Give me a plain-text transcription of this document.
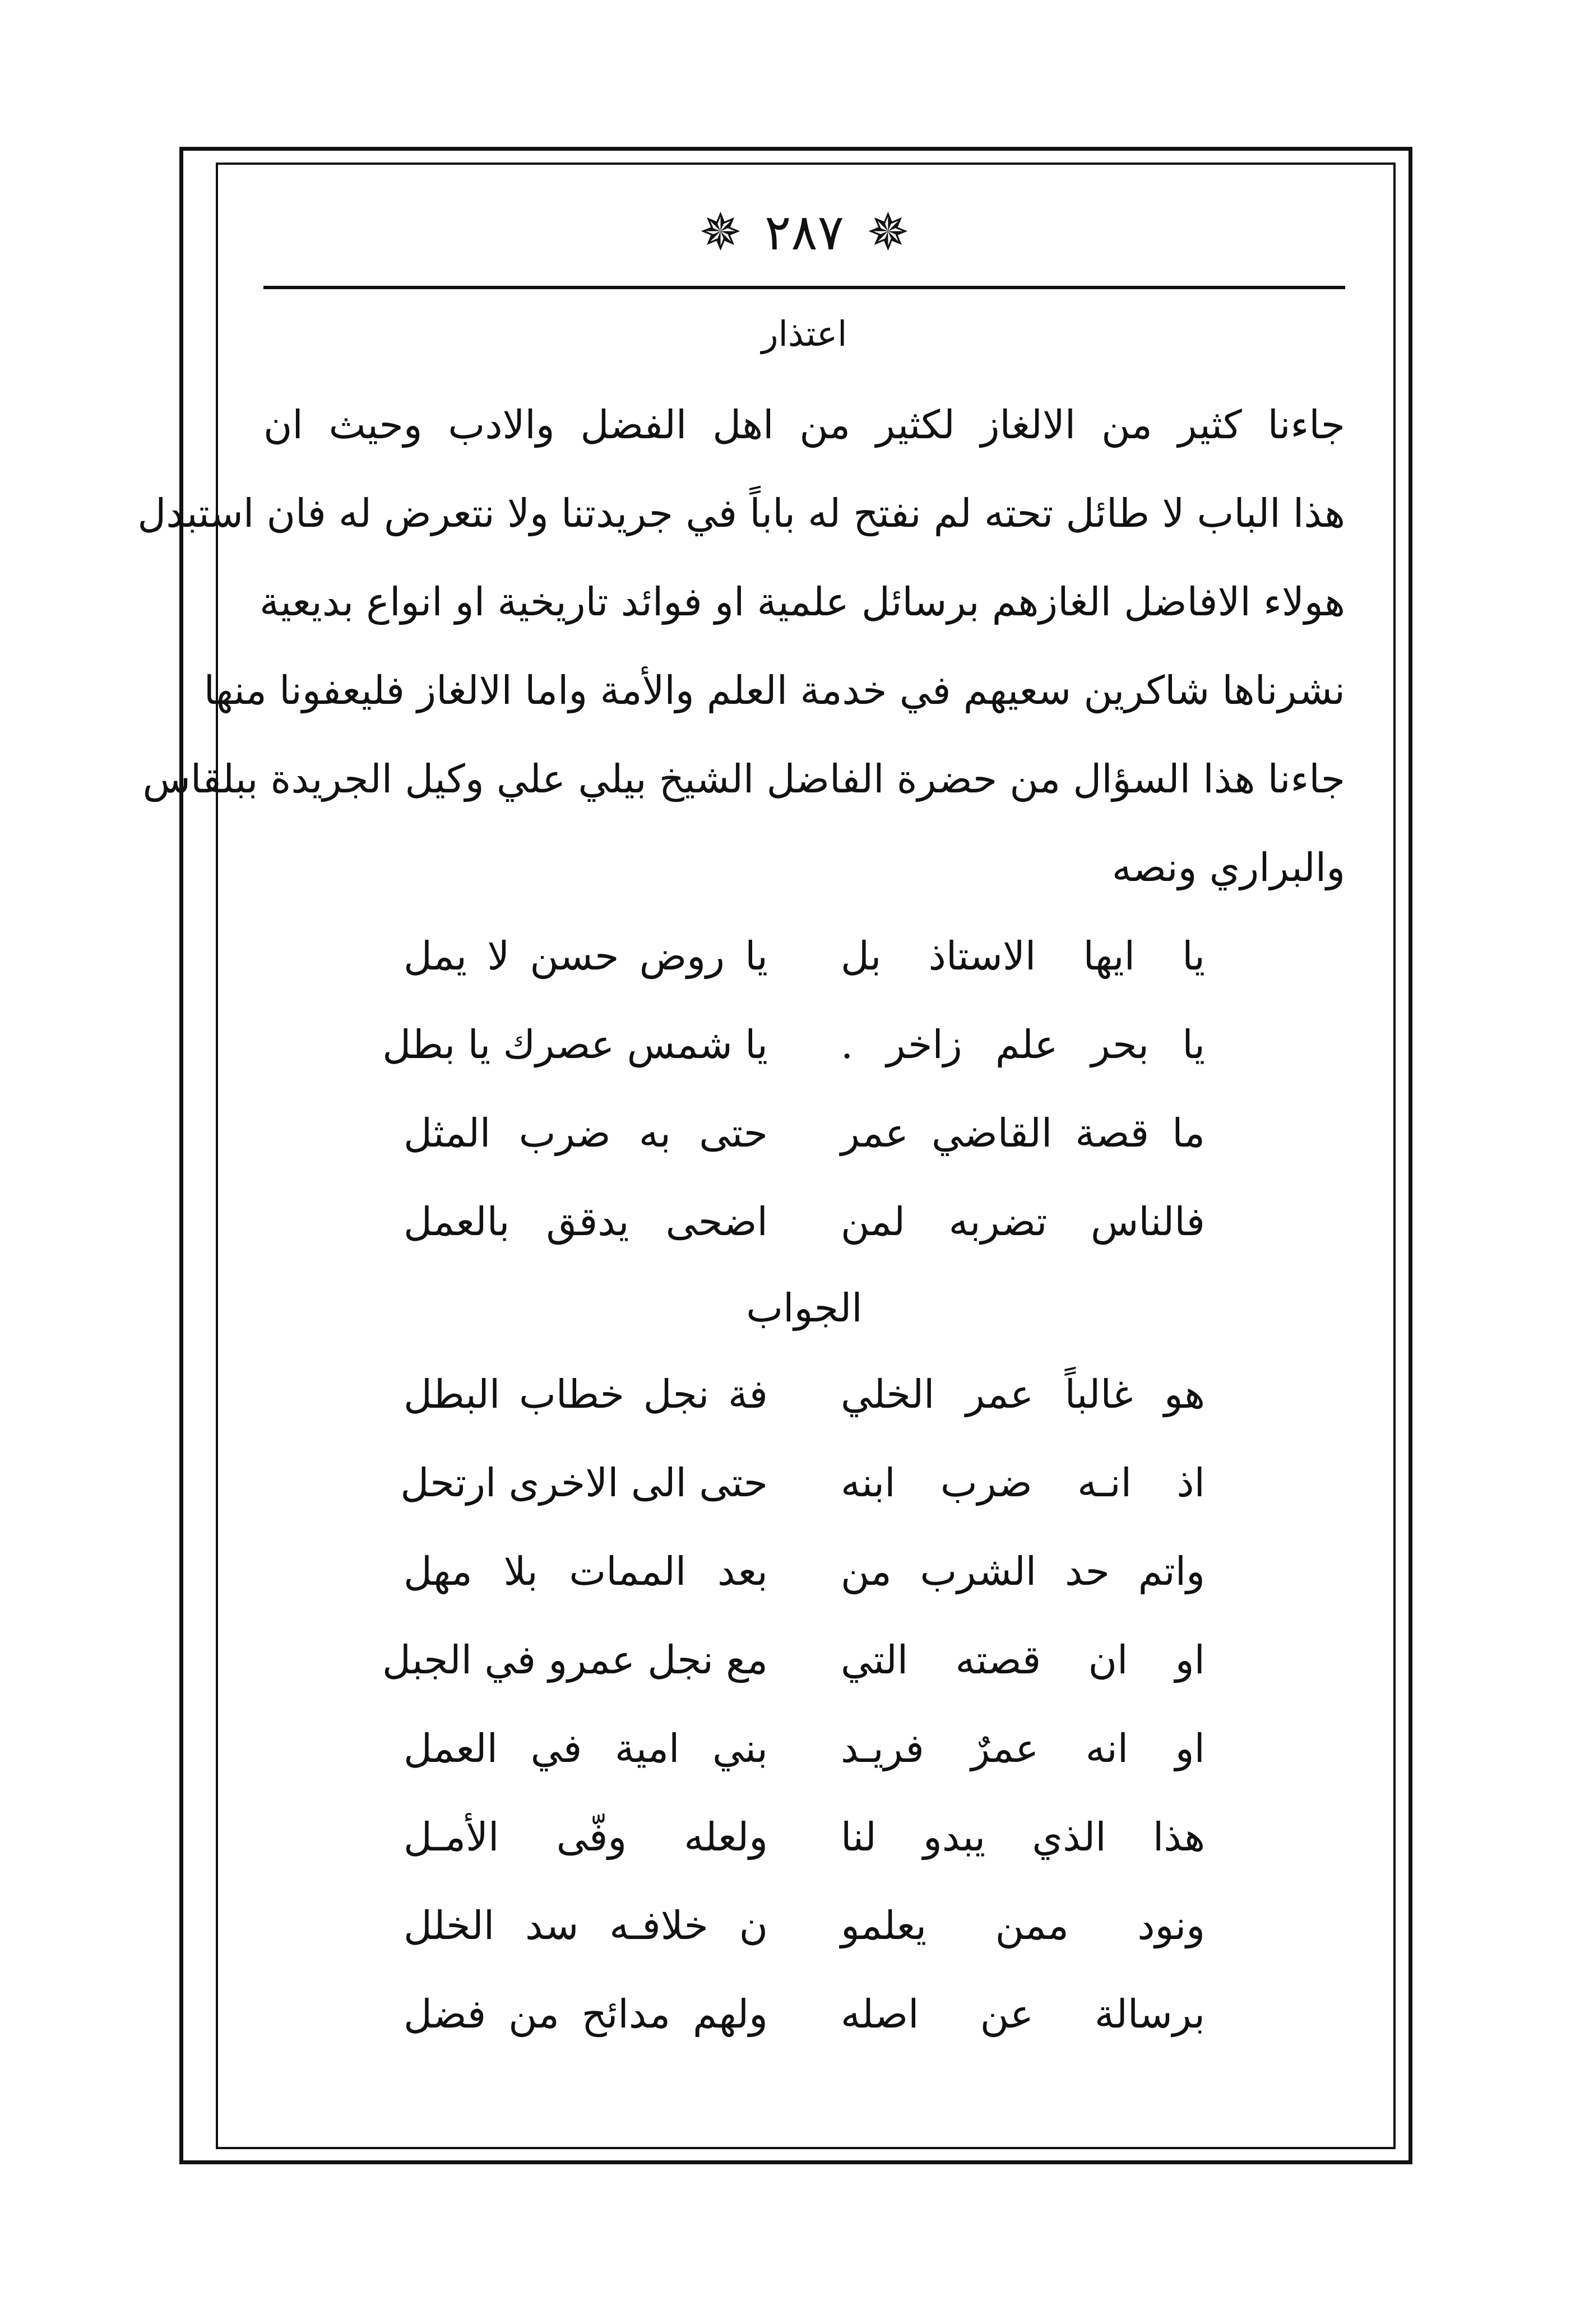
✵ ٢٨٧ ✵
اعتذار
جاءنا كثير من الالغاز لكثير من اهل الفضل والادب وحيث ان
هذا الباب لا طائل تحته لم نفتح له باباً في جريدتنا ولا نتعرض له فان استبدل
هولاء الافاضل الغازهم برسائل علمية او فوائد تاريخية او انواع بديعية
نشرناها شاكرين سعيهم في خدمة العلم والأمة واما الالغاز فليعفونا منها
جاءنا هذا السؤال من حضرة الفاضل الشيخ بيلي علي وكيل الجريدة ببلقاس
والبراري ونصه
يا ايها الاستاذ بل
يا روض حسن لا يمل
يا بحر علم زاخر .
يا شمس عصرك يا بطل
ما قصة القاضي عمر
حتى به ضرب المثل
فالناس تضربه لمن
اضحى يدقق بالعمل
الجواب
هو غالباً عمر الخلي
فة نجل خطاب البطل
اذ انـه ضرب ابنه
حتى الى الاخرى ارتحل
واتم حد الشرب من
بعد الممات بلا مهل
او ان قصته التي
مع نجل عمرو في الجبل
او انه عمرٌ فريـد
بني امية في العمل
هذا الذي يبدو لنا
ولعله وفّى الأمـل
ونود ممن يعلمو
ن خلافـه سد الخلل
برسالة عن اصله
ولهم مدائح من فضل
